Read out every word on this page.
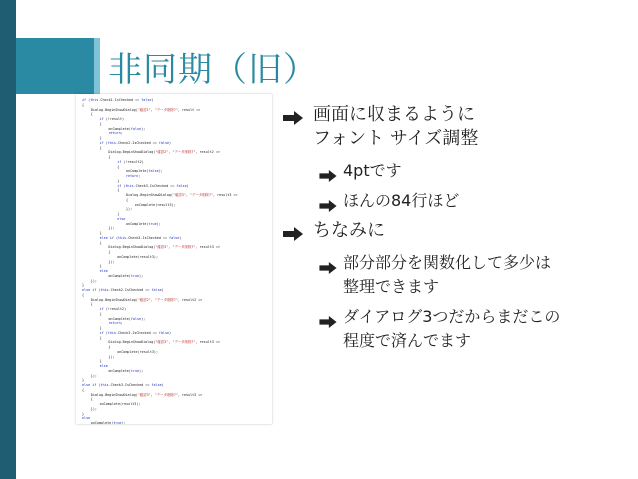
非同期（旧）
if (this.Check1.IsChecked == false)
{
Dialog.BeginShowDialog("確認1", "データ削除?", result =>
{
if (!result)
{
onComplete(false);
return;
}
if (this.Check2.IsChecked == false)
{
Dialog.BeginShowDialog("確認2", "データ削除?", result2 =>
{
if (!result2)
{
onComplete(false);
return;
}
if (this.Check3.IsChecked == false)
{
Dialog.BeginShowDialog("確認3", "データ削除?", result3 =>
{
onComplete(result3);
});
}
else
onComplete(true);
});
}
else if (this.Check3.IsChecked == false)
{
Dialog.BeginShowDialog("確認3", "データ削除?", result3 =>
{
onComplete(result3);
});
}
else
onComplete(true);
});
}
else if (this.Check2.IsChecked == false)
{
Dialog.BeginShowDialog("確認2", "データ削除?", result2 =>
{
if (!result2)
{
onComplete(false);
return;
}
if (this.Check3.IsChecked == false)
{
Dialog.BeginShowDialog("確認3", "データ削除?", result3 =>
{
onComplete(result3);
});
}
else
onComplete(true);
});
}
else if (this.Check3.IsChecked == false)
{
Dialog.BeginShowDialog("確認3", "データ削除?", result3 =>
{
onComplete(result3);
});
}
else
onComplete(true);
画面に収まるように
フォント サイズ調整
4ptです
ほんの84行ほど
ちなみに
部分部分を関数化して多少は
整理できます
ダイアログ3つだからまだこの
程度で済んでます
